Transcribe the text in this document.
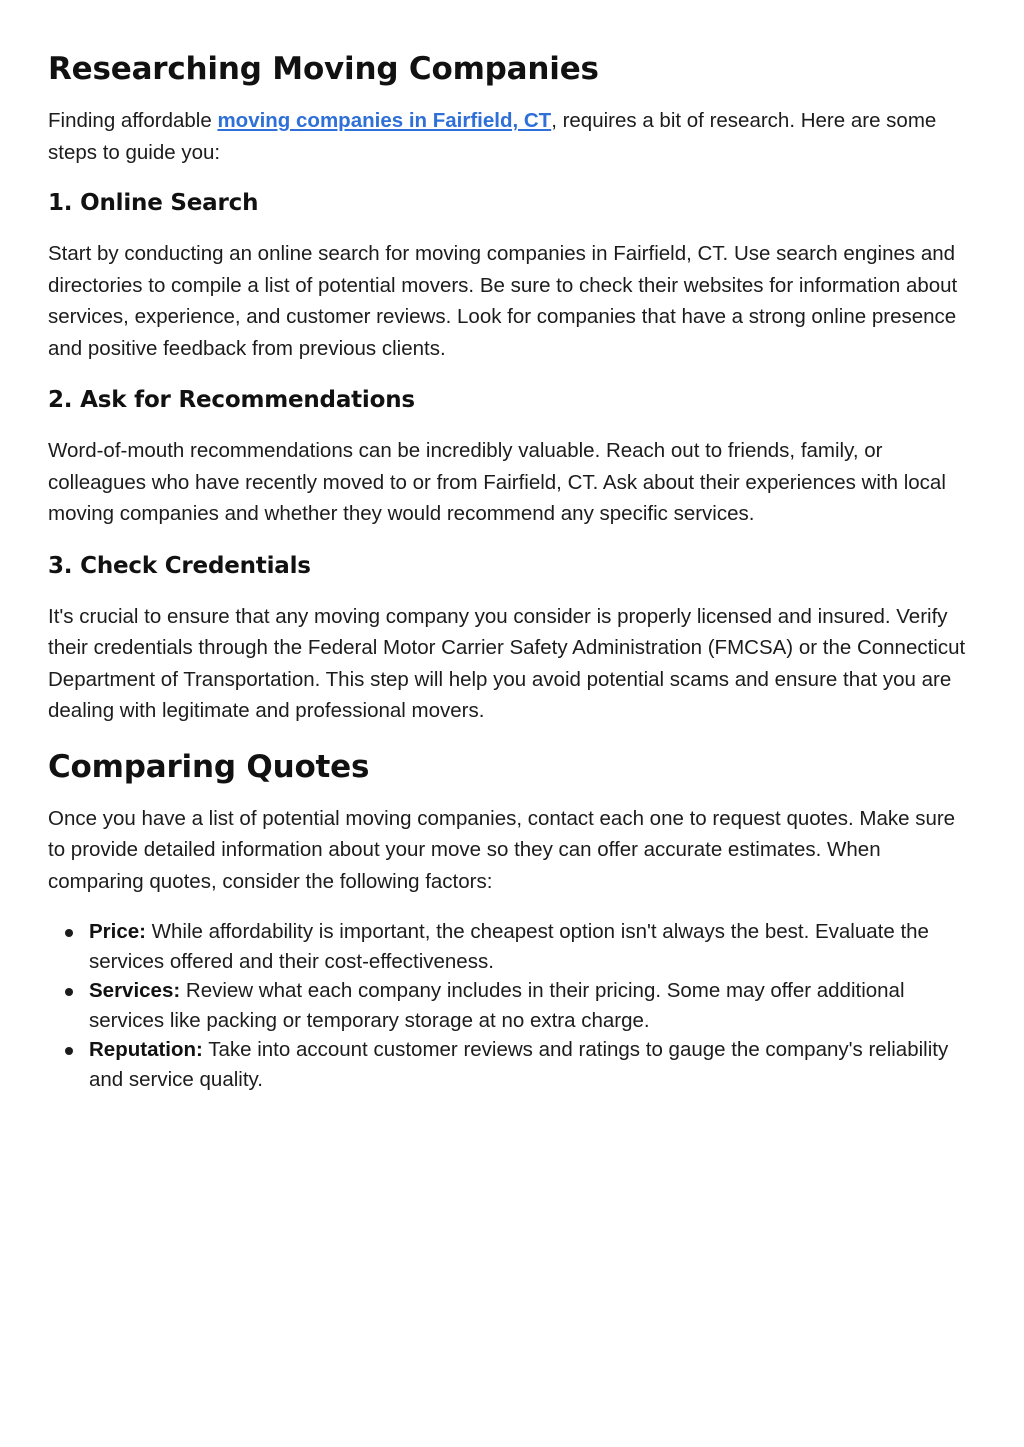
Researching Moving Companies

Finding affordable moving companies in Fairfield, CT, requires a bit of research. Here are some steps to guide you:

1. Online Search

Start by conducting an online search for moving companies in Fairfield, CT. Use search engines and directories to compile a list of potential movers. Be sure to check their websites for information about services, experience, and customer reviews. Look for companies that have a strong online presence and positive feedback from previous clients.

2. Ask for Recommendations

Word-of-mouth recommendations can be incredibly valuable. Reach out to friends, family, or colleagues who have recently moved to or from Fairfield, CT. Ask about their experiences with local moving companies and whether they would recommend any specific services.

3. Check Credentials

It's crucial to ensure that any moving company you consider is properly licensed and insured. Verify their credentials through the Federal Motor Carrier Safety Administration (FMCSA) or the Connecticut Department of Transportation. This step will help you avoid potential scams and ensure that you are dealing with legitimate and professional movers.

Comparing Quotes

Once you have a list of potential moving companies, contact each one to request quotes. Make sure to provide detailed information about your move so they can offer accurate estimates. When comparing quotes, consider the following factors:

Price: While affordability is important, the cheapest option isn't always the best. Evaluate the services offered and their cost-effectiveness.
Services: Review what each company includes in their pricing. Some may offer additional services like packing or temporary storage at no extra charge.
Reputation: Take into account customer reviews and ratings to gauge the company's reliability and service quality.
